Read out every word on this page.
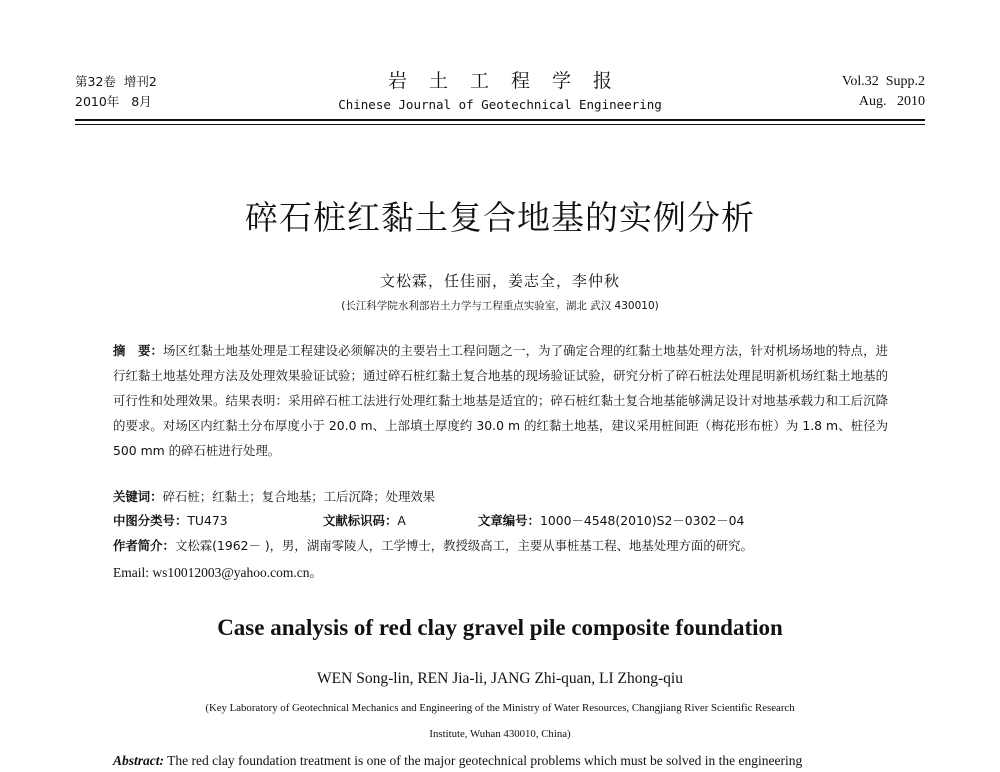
第32卷  增刊2
2010年   8月
岩土工程学报
Chinese Journal of Geotechnical Engineering
Vol.32  Supp.2
Aug.   2010
碎石桩红黏土复合地基的实例分析
文松霖，任佳丽，姜志全，李仲秋
(长江科学院水利部岩土力学与工程重点实验室，湖北 武汉 430010)
摘　要：场区红黏土地基处理是工程建设必须解决的主要岩土工程问题之一，为了确定合理的红黏土地基处理方法，针对机场场地的特点，进行红黏土地基处理方法及处理效果验证试验；通过碎石桩红黏土复合地基的现场验证试验，研究分析了碎石桩法处理昆明新机场红黏土地基的可行性和处理效果。结果表明：采用碎石桩工法进行处理红黏土地基是适宜的；碎石桩红黏土复合地基能够满足设计对地基承载力和工后沉降的要求。对场区内红黏土分布厚度小于 20.0 m、上部填土厚度约 30.0 m 的红黏土地基，建议采用桩间距（梅花形布桩）为 1.8 m、桩径为 500 mm 的碎石桩进行处理。
关键词：碎石桩；红黏土；复合地基；工后沉降；处理效果
中图分类号：TU473	文献标识码：A	文章编号：1000－4548(2010)S2－0302－04
作者简介：文松霖(1962－ )，男，湖南零陵人，工学博士，教授级高工，主要从事桩基工程、地基处理方面的研究。
Email: ws10012003@yahoo.com.cn。
Case analysis of red clay gravel pile composite foundation
WEN Song-lin, REN Jia-li, JANG Zhi-quan, LI Zhong-qiu
(Key Laboratory of Geotechnical Mechanics and Engineering of the Ministry of Water Resources, Changjiang River Scientific Research
Institute, Wuhan 430010, China)
Abstract: The red clay foundation treatment is one of the major geotechnical problems which must be solved in the engineering
